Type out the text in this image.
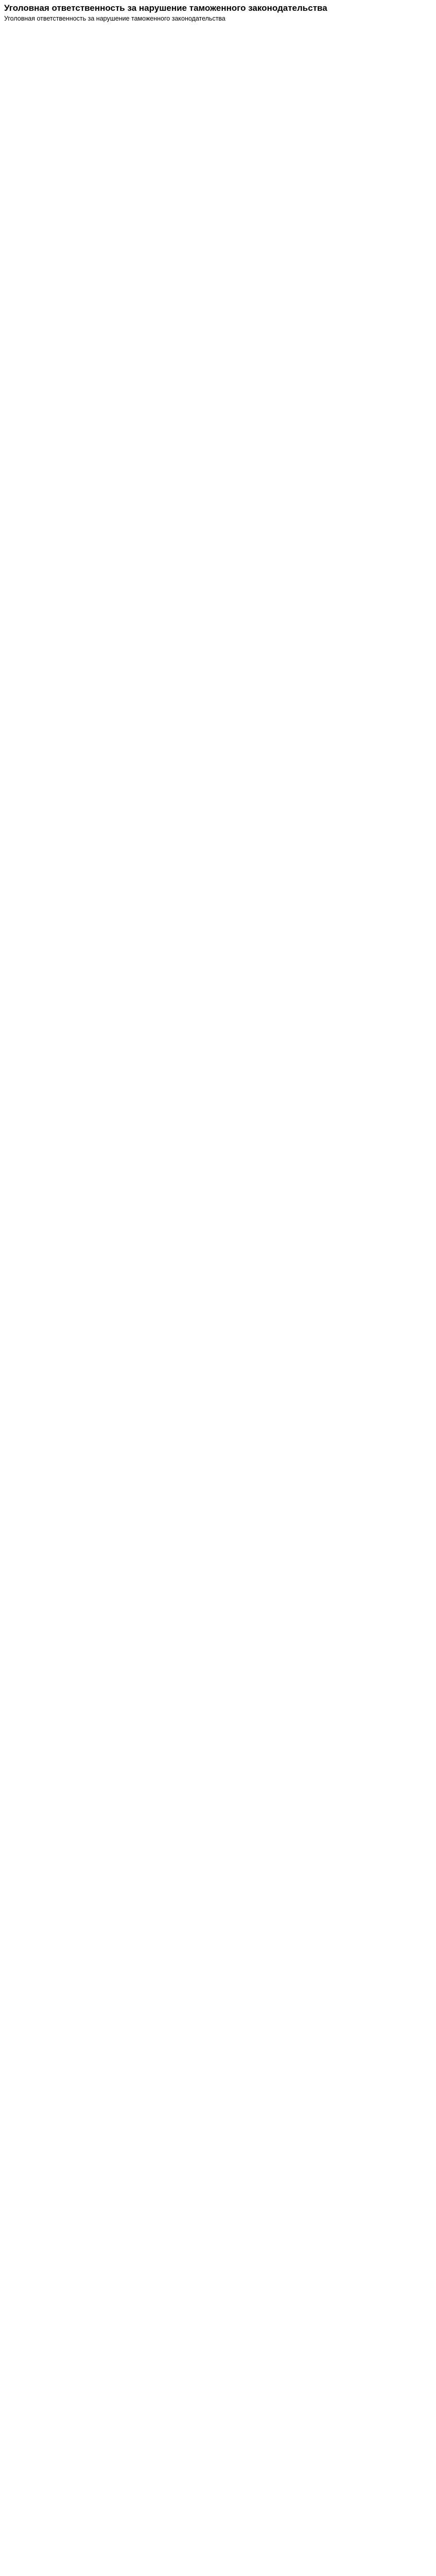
Уголовная ответственность за нарушение таможенного законодательства
Уголовная ответственность за нарушение таможенного законодательства
